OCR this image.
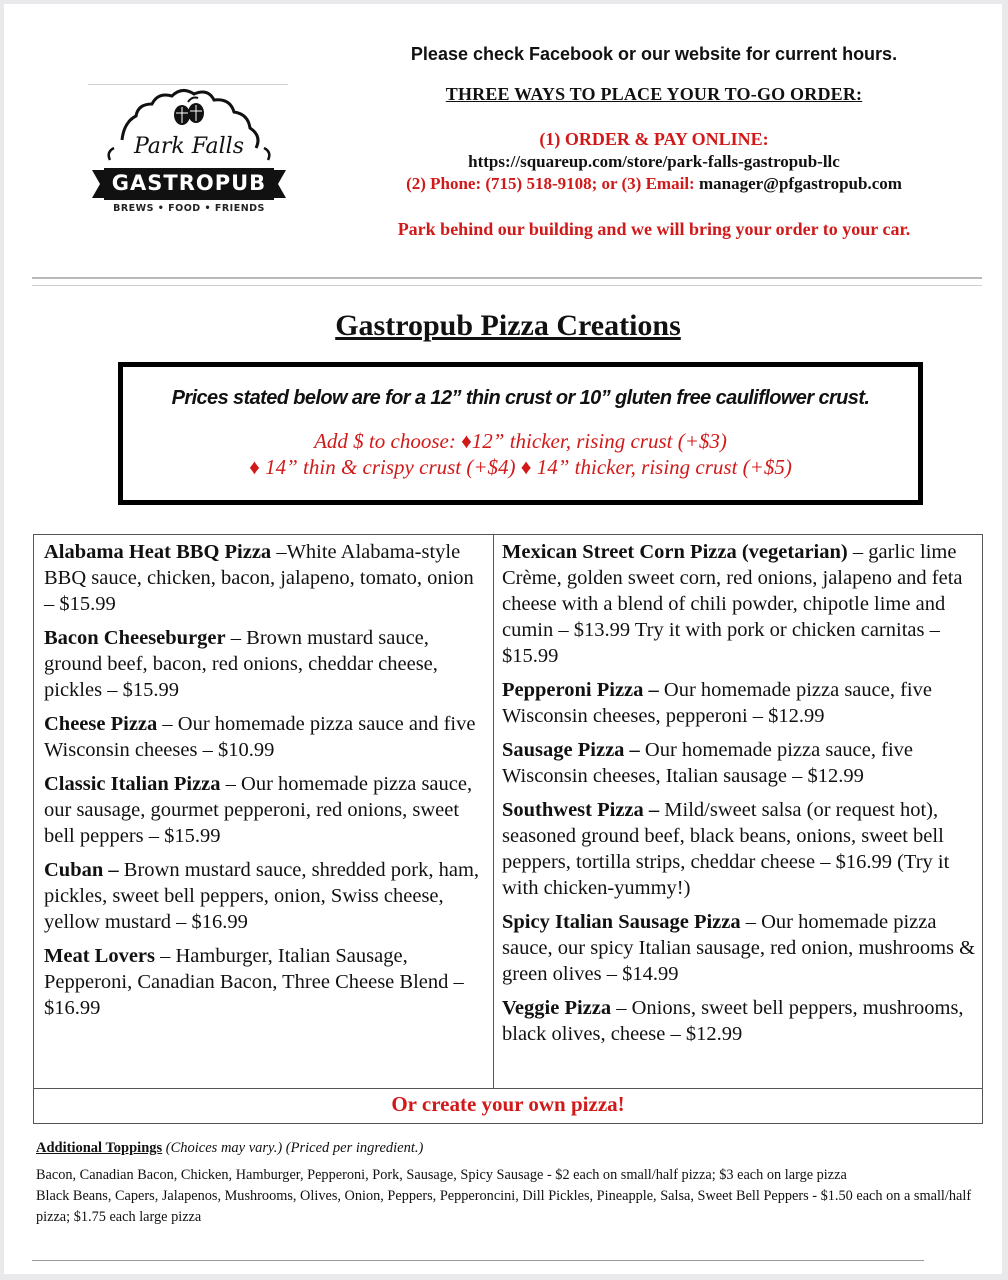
Park Falls
GASTROPUB
BREWS • FOOD • FRIENDS
Please check Facebook or our website for current hours.
THREE WAYS TO PLACE YOUR TO-GO ORDER:
(1) ORDER & PAY ONLINE:
https://squareup.com/store/park-falls-gastropub-llc
(2) Phone: (715) 518-9108; or (3) Email: manager@pfgastropub.com
Park behind our building and we will bring your order to your car.
Gastropub Pizza Creations
Prices stated below are for a 12” thin crust or 10” gluten free cauliflower crust.
Add $ to choose: ♦12” thicker, rising crust (+$3)
♦ 14” thin & crispy crust (+$4) ♦ 14” thicker, rising crust (+$5)
Alabama Heat BBQ Pizza –White Alabama-style BBQ sauce, chicken, bacon, jalapeno, tomato, onion – $15.99
Bacon Cheeseburger – Brown mustard sauce, ground beef, bacon, red onions, cheddar cheese, pickles – $15.99
Cheese Pizza – Our homemade pizza sauce and five Wisconsin cheeses – $10.99
Classic Italian Pizza – Our homemade pizza sauce, our sausage, gourmet pepperoni, red onions, sweet bell peppers – $15.99
Cuban – Brown mustard sauce, shredded pork, ham, pickles, sweet bell peppers, onion, Swiss cheese, yellow mustard – $16.99
Meat Lovers – Hamburger, Italian Sausage, Pepperoni, Canadian Bacon, Three Cheese Blend – $16.99
Mexican Street Corn Pizza (vegetarian) – garlic lime Crème, golden sweet corn, red onions, jalapeno and feta cheese with a blend of chili powder, chipotle lime and cumin – $13.99 Try it with pork or chicken carnitas – $15.99
Pepperoni Pizza – Our homemade pizza sauce, five Wisconsin cheeses, pepperoni – $12.99
Sausage Pizza – Our homemade pizza sauce, five Wisconsin cheeses, Italian sausage – $12.99
Southwest Pizza – Mild/sweet salsa (or request hot), seasoned ground beef, black beans, onions, sweet bell peppers, tortilla strips, cheddar cheese – $16.99 (Try it with chicken-yummy!)
Spicy Italian Sausage Pizza – Our homemade pizza sauce, our spicy Italian sausage, red onion, mushrooms & green olives – $14.99
Veggie Pizza – Onions, sweet bell peppers, mushrooms, black olives, cheese – $12.99
Or create your own pizza!
Additional Toppings (Choices may vary.) (Priced per ingredient.)
Bacon, Canadian Bacon, Chicken, Hamburger, Pepperoni, Pork, Sausage, Spicy Sausage - $2 each on small/half pizza; $3 each on large pizza
Black Beans, Capers, Jalapenos, Mushrooms, Olives, Onion, Peppers, Pepperoncini, Dill Pickles, Pineapple, Salsa, Sweet Bell Peppers - $1.50 each on a small/half pizza; $1.75 each large pizza
